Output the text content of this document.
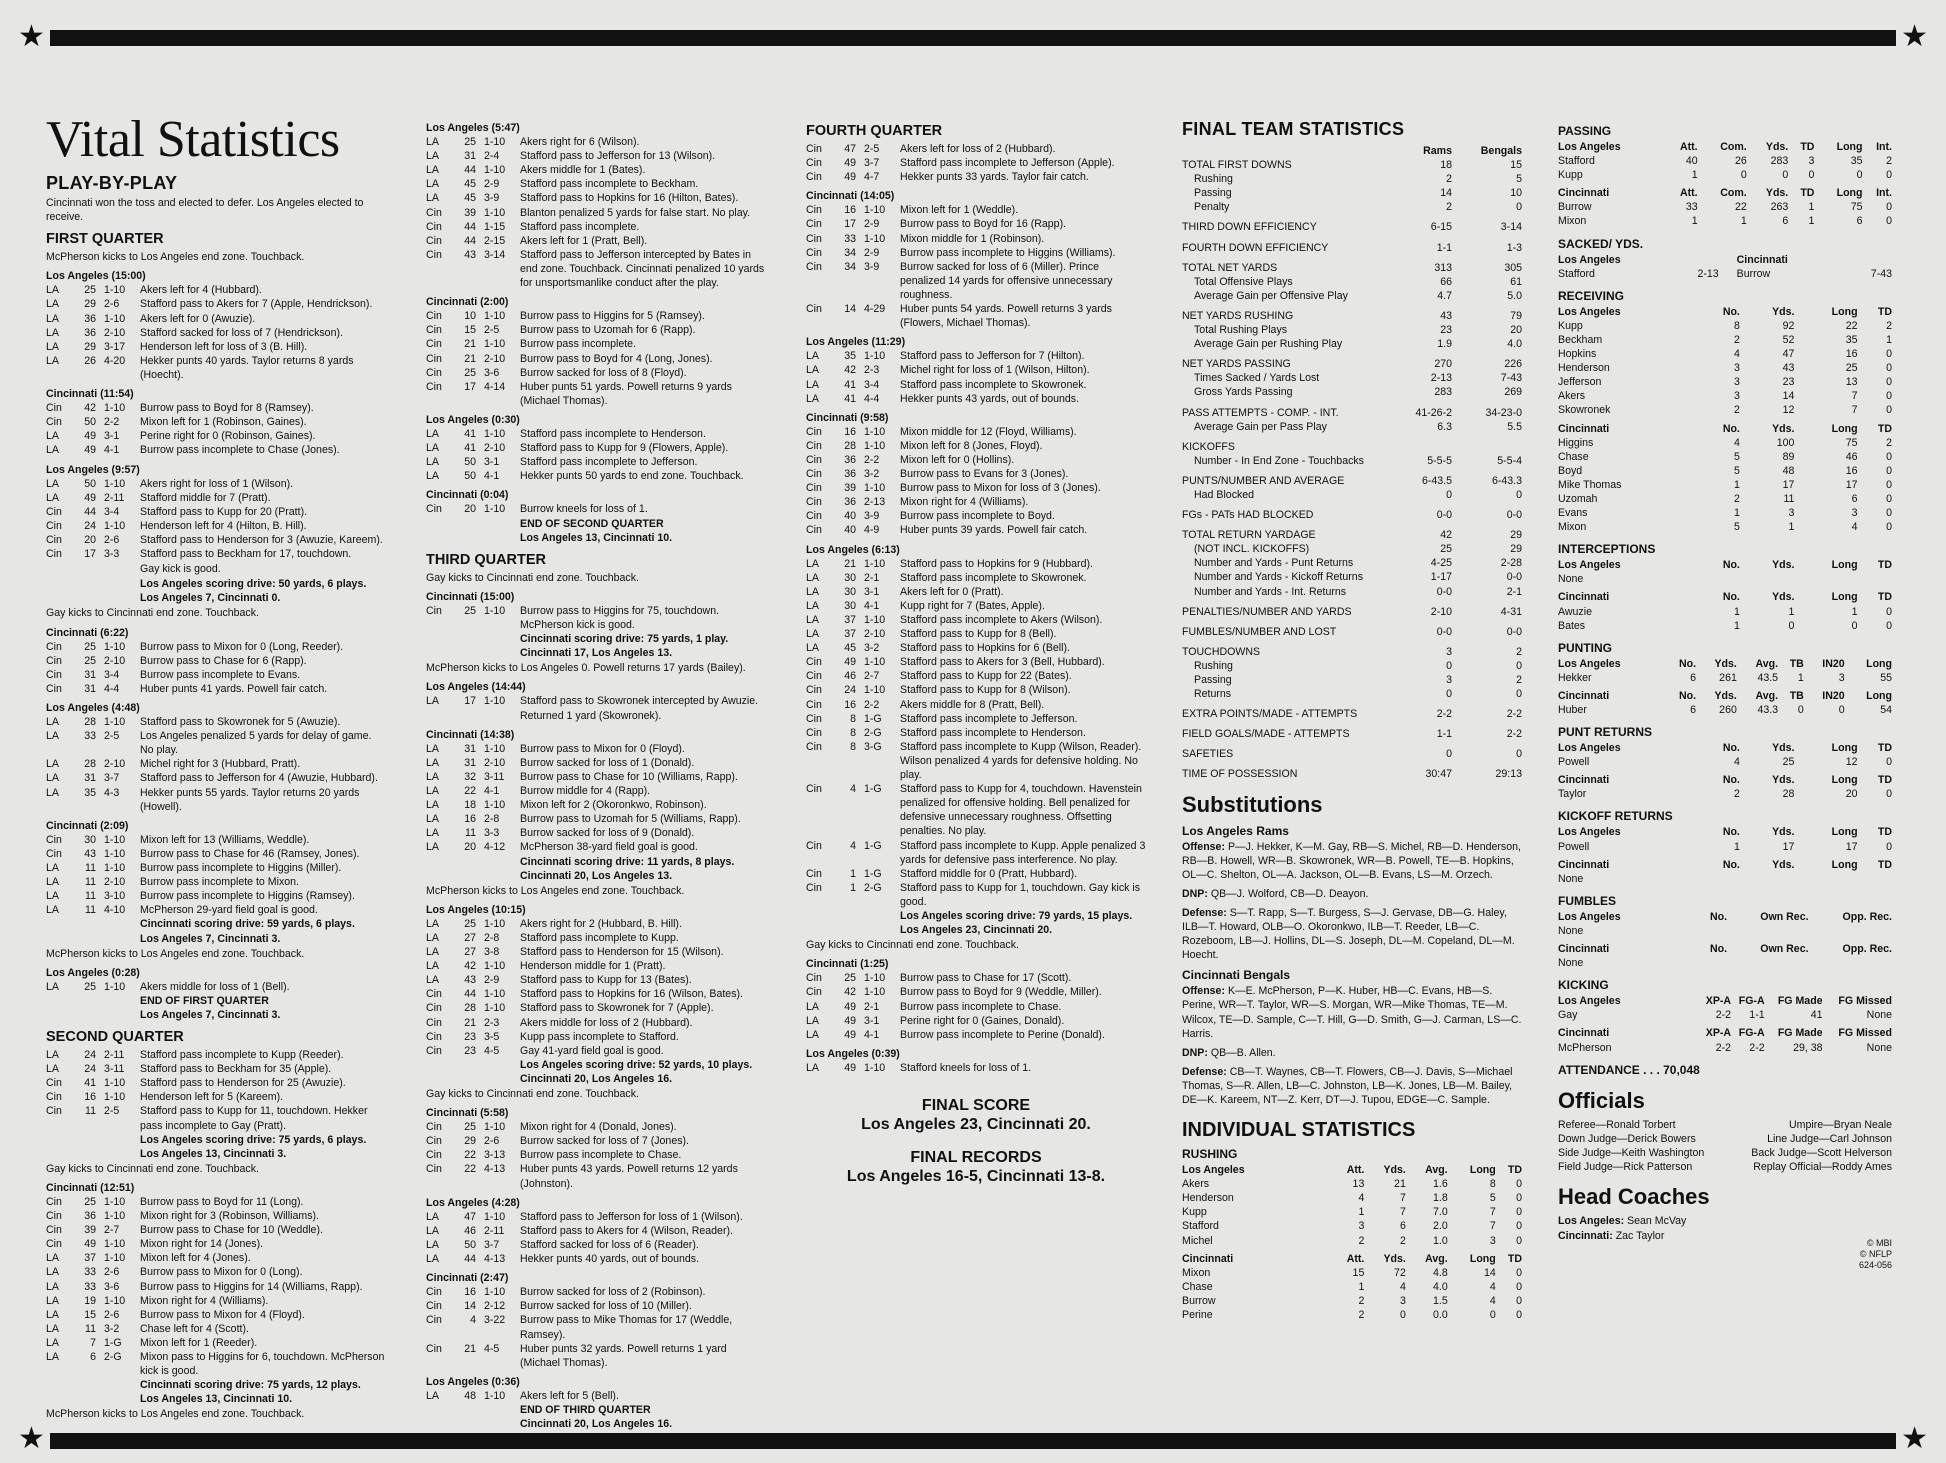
★	★
★	★
Vital Statistics
PLAY-BY-PLAY
Cincinnati won the toss and elected to defer. Los Angeles elected to receive.
FIRST QUARTER
McPherson kicks to Los Angeles end zone. Touchback.
Los Angeles (15:00)
LA	25 1-10	Akers left for 4 (Hubbard).
LA	29 2-6	Stafford pass to Akers for 7 (Apple, Hendrickson).
LA	36 1-10	Akers left for 0 (Awuzie).
LA	36 2-10	Stafford sacked for loss of 7 (Hendrickson).
LA	29 3-17	Henderson left for loss of 3 (B. Hill).
LA	26 4-20	Hekker punts 40 yards. Taylor returns 8 yards (Hoecht).
Cincinnati (11:54)
Cin	42 1-10	Burrow pass to Boyd for 8 (Ramsey).
Cin	50 2-2	Mixon left for 1 (Robinson, Gaines).
LA	49 3-1	Perine right for 0 (Robinson, Gaines).
LA	49 4-1	Burrow pass incomplete to Chase (Jones).
Los Angeles (9:57)
LA	50 1-10	Akers right for loss of 1 (Wilson).
LA	49 2-11	Stafford middle for 7 (Pratt).
Cin	44 3-4	Stafford pass to Kupp for 20 (Pratt).
Cin	24 1-10	Henderson left for 4 (Hilton, B. Hill).
Cin	20 2-6	Stafford pass to Henderson for 3 (Awuzie, Kareem).
Cin	17 3-3	Stafford pass to Beckham for 17, touchdown.
Gay kick is good.
Los Angeles scoring drive: 50 yards, 6 plays.
Los Angeles 7, Cincinnati 0.
Gay kicks to Cincinnati end zone. Touchback.
Cincinnati (6:22)
Cin	25 1-10	Burrow pass to Mixon for 0 (Long, Reeder).
Cin	25 2-10	Burrow pass to Chase for 6 (Rapp).
Cin	31 3-4	Burrow pass incomplete to Evans.
Cin	31 4-4	Huber punts 41 yards. Powell fair catch.
Los Angeles (4:48)
LA	28 1-10	Stafford pass to Skowronek for 5 (Awuzie).
LA	33 2-5	Los Angeles penalized 5 yards for delay of game. No play.
LA	28 2-10	Michel right for 3 (Hubbard, Pratt).
LA	31 3-7	Stafford pass to Jefferson for 4 (Awuzie, Hubbard).
LA	35 4-3	Hekker punts 55 yards. Taylor returns 20 yards (Howell).
Cincinnati (2:09)
Cin	30 1-10	Mixon left for 13 (Williams, Weddle).
Cin	43 1-10	Burrow pass to Chase for 46 (Ramsey, Jones).
LA	11 1-10	Burrow pass incomplete to Higgins (Miller).
LA	11 2-10	Burrow pass incomplete to Mixon.
LA	11 3-10	Burrow pass incomplete to Higgins (Ramsey).
LA	11 4-10	McPherson 29-yard field goal is good.
Cincinnati scoring drive: 59 yards, 6 plays.
Los Angeles 7, Cincinnati 3.
McPherson kicks to Los Angeles end zone. Touchback.
Los Angeles (0:28)
LA	25 1-10	Akers middle for loss of 1 (Bell).
END OF FIRST QUARTER
Los Angeles 7, Cincinnati 3.
SECOND QUARTER
LA	24 2-11	Stafford pass incomplete to Kupp (Reeder).
LA	24 3-11	Stafford pass to Beckham for 35 (Apple).
Cin	41 1-10	Stafford pass to Henderson for 25 (Awuzie).
Cin	16 1-10	Henderson left for 5 (Kareem).
Cin	11 2-5	Stafford pass to Kupp for 11, touchdown. Hekker pass incomplete to Gay (Pratt).
Los Angeles scoring drive: 75 yards, 6 plays.
Los Angeles 13, Cincinnati 3.
Gay kicks to Cincinnati end zone. Touchback.
Cincinnati (12:51)
Cin	25 1-10	Burrow pass to Boyd for 11 (Long).
Cin	36 1-10	Mixon right for 3 (Robinson, Williams).
Cin	39 2-7	Burrow pass to Chase for 10 (Weddle).
Cin	49 1-10	Mixon right for 14 (Jones).
LA	37 1-10	Mixon left for 4 (Jones).
LA	33 2-6	Burrow pass to Mixon for 0 (Long).
LA	33 3-6	Burrow pass to Higgins for 14 (Williams, Rapp).
LA	19 1-10	Mixon right for 4 (Williams).
LA	15 2-6	Burrow pass to Mixon for 4 (Floyd).
LA	11 3-2	Chase left for 4 (Scott).
LA	7 1-G	Mixon left for 1 (Reeder).
LA	6 2-G	Mixon pass to Higgins for 6, touchdown. McPherson kick is good.
Cincinnati scoring drive: 75 yards, 12 plays.
Los Angeles 13, Cincinnati 10.
McPherson kicks to Los Angeles end zone. Touchback.
Los Angeles (5:47)
LA	25 1-10	Akers right for 6 (Wilson).
LA	31 2-4	Stafford pass to Jefferson for 13 (Wilson).
LA	44 1-10	Akers middle for 1 (Bates).
LA	45 2-9	Stafford pass incomplete to Beckham.
LA	45 3-9	Stafford pass to Hopkins for 16 (Hilton, Bates).
Cin	39 1-10	Blanton penalized 5 yards for false start. No play.
Cin	44 1-15	Stafford pass incomplete.
Cin	44 2-15	Akers left for 1 (Pratt, Bell).
Cin	43 3-14	Stafford pass to Jefferson intercepted by Bates in end zone. Touchback. Cincinnati penalized 10 yards for unsportsmanlike conduct after the play.
Cincinnati (2:00)
Cin	10 1-10	Burrow pass to Higgins for 5 (Ramsey).
Cin	15 2-5	Burrow pass to Uzomah for 6 (Rapp).
Cin	21 1-10	Burrow pass incomplete.
Cin	21 2-10	Burrow pass to Boyd for 4 (Long, Jones).
Cin	25 3-6	Burrow sacked for loss of 8 (Floyd).
Cin	17 4-14	Huber punts 51 yards. Powell returns 9 yards (Michael Thomas).
Los Angeles (0:30)
LA	41 1-10	Stafford pass incomplete to Henderson.
LA	41 2-10	Stafford pass to Kupp for 9 (Flowers, Apple).
LA	50 3-1	Stafford pass incomplete to Jefferson.
LA	50 4-1	Hekker punts 50 yards to end zone. Touchback.
Cincinnati (0:04)
Cin	20 1-10	Burrow kneels for loss of 1.
END OF SECOND QUARTER
Los Angeles 13, Cincinnati 10.
THIRD QUARTER
Gay kicks to Cincinnati end zone. Touchback.
Cincinnati (15:00)
Cin	25 1-10	Burrow pass to Higgins for 75, touchdown. McPherson kick is good.
Cincinnati scoring drive: 75 yards, 1 play.
Cincinnati 17, Los Angeles 13.
McPherson kicks to Los Angeles 0. Powell returns 17 yards (Bailey).
Los Angeles (14:44)
LA	17 1-10	Stafford pass to Skowronek intercepted by Awuzie. Returned 1 yard (Skowronek).
Cincinnati (14:38)
LA	31 1-10	Burrow pass to Mixon for 0 (Floyd).
LA	31 2-10	Burrow sacked for loss of 1 (Donald).
LA	32 3-11	Burrow pass to Chase for 10 (Williams, Rapp).
LA	22 4-1	Burrow middle for 4 (Rapp).
LA	18 1-10	Mixon left for 2 (Okoronkwo, Robinson).
LA	16 2-8	Burrow pass to Uzomah for 5 (Williams, Rapp).
LA	11 3-3	Burrow sacked for loss of 9 (Donald).
LA	20 4-12	McPherson 38-yard field goal is good.
Cincinnati scoring drive: 11 yards, 8 plays.
Cincinnati 20, Los Angeles 13.
McPherson kicks to Los Angeles end zone. Touchback.
Los Angeles (10:15)
LA	25 1-10	Akers right for 2 (Hubbard, B. Hill).
LA	27 2-8	Stafford pass incomplete to Kupp.
LA	27 3-8	Stafford pass to Henderson for 15 (Wilson).
LA	42 1-10	Henderson middle for 1 (Pratt).
LA	43 2-9	Stafford pass to Kupp for 13 (Bates).
Cin	44 1-10	Stafford pass to Hopkins for 16 (Wilson, Bates).
Cin	28 1-10	Stafford pass to Skowronek for 7 (Apple).
Cin	21 2-3	Akers middle for loss of 2 (Hubbard).
Cin	23 3-5	Kupp pass incomplete to Stafford.
Cin	23 4-5	Gay 41-yard field goal is good.
Los Angeles scoring drive: 52 yards, 10 plays.
Cincinnati 20, Los Angeles 16.
Gay kicks to Cincinnati end zone. Touchback.
Cincinnati (5:58)
Cin	25 1-10	Mixon right for 4 (Donald, Jones).
Cin	29 2-6	Burrow sacked for loss of 7 (Jones).
Cin	22 3-13	Burrow pass incomplete to Chase.
Cin	22 4-13	Huber punts 43 yards. Powell returns 12 yards (Johnston).
Los Angeles (4:28)
LA	47 1-10	Stafford pass to Jefferson for loss of 1 (Wilson).
LA	46 2-11	Stafford pass to Akers for 4 (Wilson, Reader).
LA	50 3-7	Stafford sacked for loss of 6 (Reader).
LA	44 4-13	Hekker punts 40 yards, out of bounds.
Cincinnati (2:47)
Cin	16 1-10	Burrow sacked for loss of 2 (Robinson).
Cin	14 2-12	Burrow sacked for loss of 10 (Miller).
Cin	4 3-22	Burrow pass to Mike Thomas for 17 (Weddle, Ramsey).
Cin	21 4-5	Huber punts 32 yards. Powell returns 1 yard (Michael Thomas).
Los Angeles (0:36)
LA	48 1-10	Akers left for 5 (Bell).
END OF THIRD QUARTER
Cincinnati 20, Los Angeles 16.
FOURTH QUARTER
Cin	47 2-5	Akers left for loss of 2 (Hubbard).
Cin	49 3-7	Stafford pass incomplete to Jefferson (Apple).
Cin	49 4-7	Hekker punts 33 yards. Taylor fair catch.
Cincinnati (14:05)
Cin	16 1-10	Mixon left for 1 (Weddle).
Cin	17 2-9	Burrow pass to Boyd for 16 (Rapp).
Cin	33 1-10	Mixon middle for 1 (Robinson).
Cin	34 2-9	Burrow pass incomplete to Higgins (Williams).
Cin	34 3-9	Burrow sacked for loss of 6 (Miller). Prince penalized 14 yards for offensive unnecessary roughness.
Cin	14 4-29	Huber punts 54 yards. Powell returns 3 yards (Flowers, Michael Thomas).
Los Angeles (11:29)
LA	35 1-10	Stafford pass to Jefferson for 7 (Hilton).
LA	42 2-3	Michel right for loss of 1 (Wilson, Hilton).
LA	41 3-4	Stafford pass incomplete to Skowronek.
LA	41 4-4	Hekker punts 43 yards, out of bounds.
Cincinnati (9:58)
Cin	16 1-10	Mixon middle for 12 (Floyd, Williams).
Cin	28 1-10	Mixon left for 8 (Jones, Floyd).
Cin	36 2-2	Mixon left for 0 (Hollins).
Cin	36 3-2	Burrow pass to Evans for 3 (Jones).
Cin	39 1-10	Burrow pass to Mixon for loss of 3 (Jones).
Cin	36 2-13	Mixon right for 4 (Williams).
Cin	40 3-9	Burrow pass incomplete to Boyd.
Cin	40 4-9	Huber punts 39 yards. Powell fair catch.
Los Angeles (6:13)
LA	21 1-10	Stafford pass to Hopkins for 9 (Hubbard).
LA	30 2-1	Stafford pass incomplete to Skowronek.
LA	30 3-1	Akers left for 0 (Pratt).
LA	30 4-1	Kupp right for 7 (Bates, Apple).
LA	37 1-10	Stafford pass incomplete to Akers (Wilson).
LA	37 2-10	Stafford pass to Kupp for 8 (Bell).
LA	45 3-2	Stafford pass to Hopkins for 6 (Bell).
Cin	49 1-10	Stafford pass to Akers for 3 (Bell, Hubbard).
Cin	46 2-7	Stafford pass to Kupp for 22 (Bates).
Cin	24 1-10	Stafford pass to Kupp for 8 (Wilson).
Cin	16 2-2	Akers middle for 8 (Pratt, Bell).
Cin	8 1-G	Stafford pass incomplete to Jefferson.
Cin	8 2-G	Stafford pass incomplete to Henderson.
Cin	8 3-G	Stafford pass incomplete to Kupp (Wilson, Reader). Wilson penalized 4 yards for defensive holding. No play.
Cin	4 1-G	Stafford pass to Kupp for 4, touchdown. Havenstein penalized for offensive holding. Bell penalized for defensive unnecessary roughness. Offsetting penalties. No play.
Cin	4 1-G	Stafford pass incomplete to Kupp. Apple penalized 3 yards for defensive pass interference. No play.
Cin	1 1-G	Stafford middle for 0 (Pratt, Hubbard).
Cin	1 2-G	Stafford pass to Kupp for 1, touchdown. Gay kick is good.
Los Angeles scoring drive: 79 yards, 15 plays.
Los Angeles 23, Cincinnati 20.
Gay kicks to Cincinnati end zone. Touchback.
Cincinnati (1:25)
Cin	25 1-10	Burrow pass to Chase for 17 (Scott).
Cin	42 1-10	Burrow pass to Boyd for 9 (Weddle, Miller).
LA	49 2-1	Burrow pass incomplete to Chase.
LA	49 3-1	Perine right for 0 (Gaines, Donald).
LA	49 4-1	Burrow pass incomplete to Perine (Donald).
Los Angeles (0:39)
LA	49 1-10	Stafford kneels for loss of 1.
FINAL SCORE
Los Angeles 23, Cincinnati 20.
FINAL RECORDS
Los Angeles 16-5, Cincinnati 13-8.
FINAL TEAM STATISTICS
	Rams	Bengals
TOTAL FIRST DOWNS	18	15
Rushing	2	5
Passing	14	10
Penalty	2	0
THIRD DOWN EFFICIENCY	6-15	3-14
FOURTH DOWN EFFICIENCY	1-1	1-3
TOTAL NET YARDS	313	305
Total Offensive Plays	66	61
Average Gain per Offensive Play	4.7	5.0
NET YARDS RUSHING	43	79
Total Rushing Plays	23	20
Average Gain per Rushing Play	1.9	4.0
NET YARDS PASSING	270	226
Times Sacked / Yards Lost	2-13	7-43
Gross Yards Passing	283	269
PASS ATTEMPTS - COMP. - INT.	41-26-2	34-23-0
Average Gain per Pass Play	6.3	5.5
KICKOFFS		
Number - In End Zone - Touchbacks	5-5-5	5-5-4
PUNTS/NUMBER AND AVERAGE	6-43.5	6-43.3
Had Blocked	0	0
FGs - PATs HAD BLOCKED	0-0	0-0
TOTAL RETURN YARDAGE	42	29
(NOT INCL. KICKOFFS)	25	29
Number and Yards - Punt Returns	4-25	2-28
Number and Yards - Kickoff Returns	1-17	0-0
Number and Yards - Int. Returns	0-0	2-1
PENALTIES/NUMBER AND YARDS	2-10	4-31
FUMBLES/NUMBER AND LOST	0-0	0-0
TOUCHDOWNS	3	2
Rushing	0	0
Passing	3	2
Returns	0	0
EXTRA POINTS/MADE - ATTEMPTS	2-2	2-2
FIELD GOALS/MADE - ATTEMPTS	1-1	2-2
SAFETIES	0	0
TIME OF POSSESSION	30:47	29:13
Substitutions
Los Angeles Rams
Offense: P—J. Hekker, K—M. Gay, RB—S. Michel, RB—D. Henderson, RB—B. Howell, WR—B. Skowronek, WR—B. Powell, TE—B. Hopkins, OL—C. Shelton, OL—A. Jackson, OL—B. Evans, LS—M. Orzech.
DNP: QB—J. Wolford, CB—D. Deayon.
Defense: S—T. Rapp, S—T. Burgess, S—J. Gervase, DB—G. Haley, ILB—T. Howard, OLB—O. Okoronkwo, ILB—T. Reeder, LB—C. Rozeboom, LB—J. Hollins, DL—S. Joseph, DL—M. Copeland, DL—M. Hoecht.
Cincinnati Bengals
Offense: K—E. McPherson, P—K. Huber, HB—C. Evans, HB—S. Perine, WR—T. Taylor, WR—S. Morgan, WR—Mike Thomas, TE—M. Wilcox, TE—D. Sample, C—T. Hill, G—D. Smith, G—J. Carman, LS—C. Harris.
DNP: QB—B. Allen.
Defense: CB—T. Waynes, CB—T. Flowers, CB—J. Davis, S—Michael Thomas, S—R. Allen, LB—C. Johnston, LB—K. Jones, LB—M. Bailey, DE—K. Kareem, NT—Z. Kerr, DT—J. Tupou, EDGE—C. Sample.
INDIVIDUAL STATISTICS
RUSHING
Los Angeles	Att.	Yds.	Avg.	Long	TD
Akers	13	21	1.6	8	0
Henderson	4	7	1.8	5	0
Kupp	1	7	7.0	7	0
Stafford	3	6	2.0	7	0
Michel	2	2	1.0	3	0
Cincinnati	Att.	Yds.	Avg.	Long	TD
Mixon	15	72	4.8	14	0
Chase	1	4	4.0	4	0
Burrow	2	3	1.5	4	0
Perine	2	0	0.0	0	0
PASSING
Los Angeles	Att.	Com.	Yds.	TD	Long	Int.
Stafford	40	26	283	3	35	2
Kupp	1	0	0	0	0	0
Cincinnati	Att.	Com.	Yds.	TD	Long	Int.
Burrow	33	22	263	1	75	0
Mixon	1	1	6	1	6	0
SACKED/ YDS.
Los Angeles		Cincinnati	
Stafford	2-13	Burrow	7-43
RECEIVING
Los Angeles	No.	Yds.	Long	TD
Kupp	8	92	22	2
Beckham	2	52	35	1
Hopkins	4	47	16	0
Henderson	3	43	25	0
Jefferson	3	23	13	0
Akers	3	14	7	0
Skowronek	2	12	7	0
Cincinnati	No.	Yds.	Long	TD
Higgins	4	100	75	2
Chase	5	89	46	0
Boyd	5	48	16	0
Mike Thomas	1	17	17	0
Uzomah	2	11	6	0
Evans	1	3	3	0
Mixon	5	1	4	0
INTERCEPTIONS
Los Angeles	No.	Yds.	Long	TD
None				
Cincinnati	No.	Yds.	Long	TD
Awuzie	1	1	1	0
Bates	1	0	0	0
PUNTING
Los Angeles	No.	Yds.	Avg.	TB	IN20	Long
Hekker	6	261	43.5	1	3	55
Cincinnati	No.	Yds.	Avg.	TB	IN20	Long
Huber	6	260	43.3	0	0	54
PUNT RETURNS
Los Angeles	No.	Yds.	Long	TD
Powell	4	25	12	0
Cincinnati	No.	Yds.	Long	TD
Taylor	2	28	20	0
KICKOFF RETURNS
Los Angeles	No.	Yds.	Long	TD
Powell	1	17	17	0
Cincinnati	No.	Yds.	Long	TD
None				
FUMBLES
Los Angeles	No.	Own Rec.	Opp. Rec.
None			
Cincinnati	No.	Own Rec.	Opp. Rec.
None			
KICKING
Los Angeles	XP-A	FG-A	FG Made	FG Missed
Gay	2-2	1-1	41	None
Cincinnati	XP-A	FG-A	FG Made	FG Missed
McPherson	2-2	2-2	29, 38	None
ATTENDANCE . . . 70,048
Officials
Referee—Ronald Torbert	Umpire—Bryan Neale
Down Judge—Derick Bowers	Line Judge—Carl Johnson
Side Judge—Keith Washington	Back Judge—Scott Helverson
Field Judge—Rick Patterson	Replay Official—Roddy Ames
Head Coaches
Los Angeles: Sean McVay
Cincinnati: Zac Taylor
© MBI
© NFLP
624-056
